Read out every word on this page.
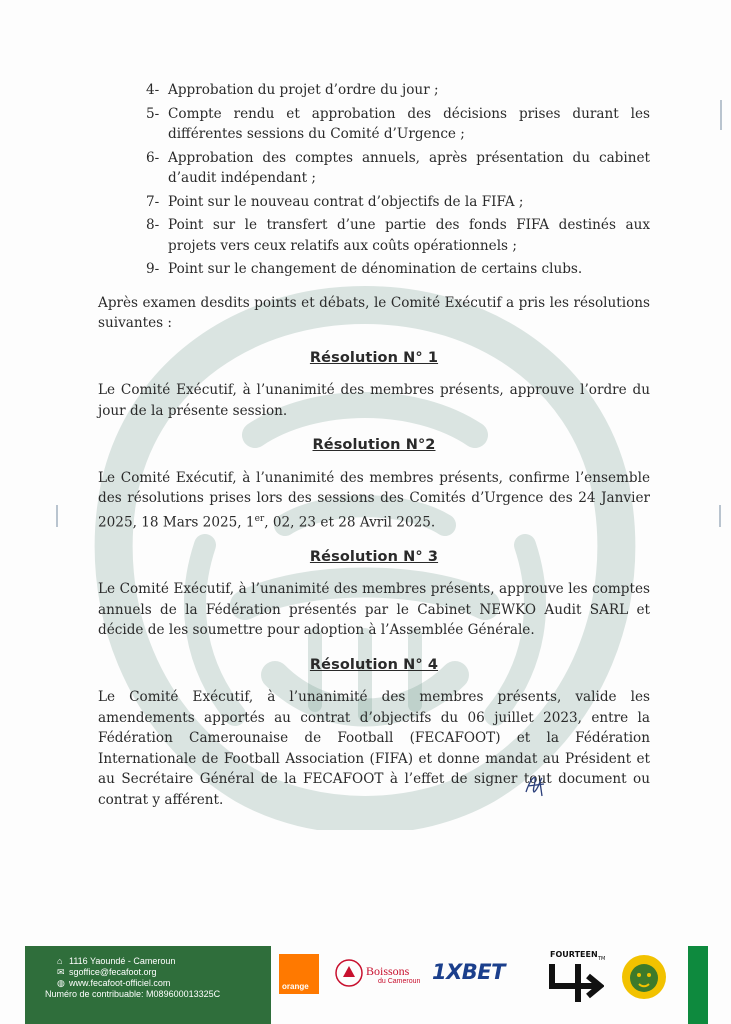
4- Approbation du projet d’ordre du jour ;
5- Compte rendu et approbation des décisions prises durant les différentes sessions du Comité d’Urgence ;
6- Approbation des comptes annuels, après présentation du cabinet d’audit indépendant ;
7- Point sur le nouveau contrat d’objectifs de la FIFA ;
8- Point sur le transfert d’une partie des fonds FIFA destinés aux projets vers ceux relatifs aux coûts opérationnels ;
9- Point sur le changement de dénomination de certains clubs.

Après examen desdits points et débats, le Comité Exécutif a pris les résolutions suivantes :

Résolution N° 1

Le Comité Exécutif, à l’unanimité des membres présents, approuve l’ordre du jour de la présente session.

Résolution N°2

Le Comité Exécutif, à l’unanimité des membres présents, confirme l’ensemble des résolutions prises lors des sessions des Comités d’Urgence des 24 Janvier 2025, 18 Mars 2025, 1er, 02, 23 et 28 Avril 2025.

Résolution N° 3

Le Comité Exécutif, à l’unanimité des membres présents, approuve les comptes annuels de la Fédération présentés par le Cabinet NEWKO Audit SARL et décide de les soumettre pour adoption à l’Assemblée Générale.

Résolution N° 4

Le Comité Exécutif, à l’unanimité des membres présents, valide les amendements apportés au contrat d’objectifs du 06 juillet 2023, entre la Fédération Camerounaise de Football (FECAFOOT) et la Fédération Internationale de Football Association (FIFA) et donne mandat au Président et au Secrétaire Général de la FECAFOOT à l’effet de signer tout document ou contrat y afférent.

⌂ 1116 Yaoundé - Cameroun
✉ sgoffice@fecafoot.org
◍ www.fecafoot-officiel.com
Numéro de contribuable: M089600013325C
orange
Boissons
du Cameroun 1XBET
FOURTEEN TM
